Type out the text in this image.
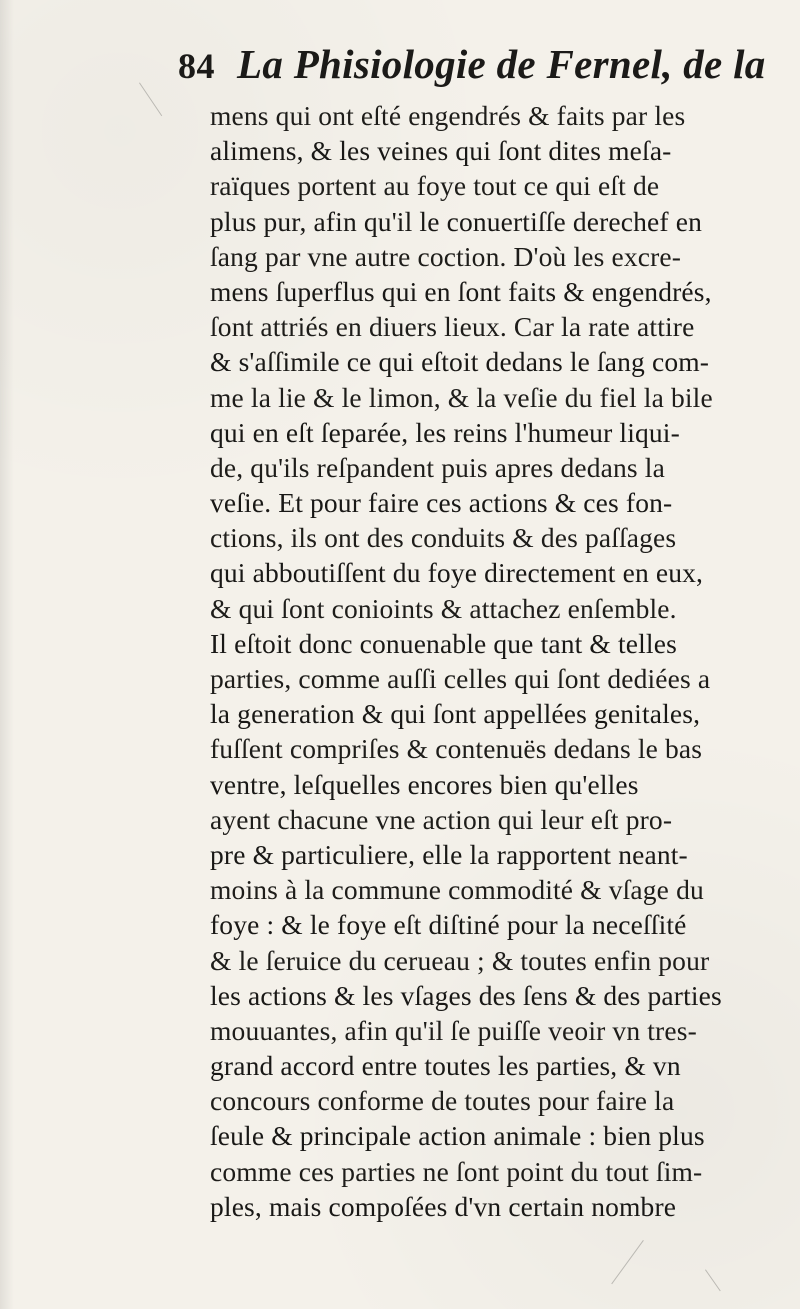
84 La Phisiologie de Fernel, de la
mens qui ont eſté engendrés & faits par les
alimens, & les veines qui ſont dites meſa-
raïques portent au foye tout ce qui eſt de
plus pur, afin qu'il le conuertiſſe derechef en
ſang par vne autre coction. D'où les excre-
mens ſuperflus qui en ſont faits & engendrés,
ſont attriés en diuers lieux. Car la rate attire
& s'aſſimile ce qui eſtoit dedans le ſang com-
me la lie & le limon, & la veſie du fiel la bile
qui en eſt ſeparée, les reins l'humeur liqui-
de, qu'ils reſpandent puis apres dedans la
veſie. Et pour faire ces actions & ces fon-
ctions, ils ont des conduits & des paſſages
qui abboutiſſent du foye directement en eux,
& qui ſont conioints & attachez enſemble.
Il eſtoit donc conuenable que tant & telles
parties, comme auſſi celles qui ſont dediées a
la generation & qui ſont appellées genitales,
fuſſent compriſes & contenuës dedans le bas
ventre, leſquelles encores bien qu'elles
ayent chacune vne action qui leur eſt pro-
pre & particuliere, elle la rapportent neant-
moins à la commune commodité & vſage du
foye : & le foye eſt diſtiné pour la neceſſité
& le ſeruice du cerueau ; & toutes enfin pour
les actions & les vſages des ſens & des parties
mouuantes, afin qu'il ſe puiſſe veoir vn tres-
grand accord entre toutes les parties, & vn
concours conforme de toutes pour faire la
ſeule & principale action animale : bien plus
comme ces parties ne ſont point du tout ſim-
ples, mais compoſées d'vn certain nombre
